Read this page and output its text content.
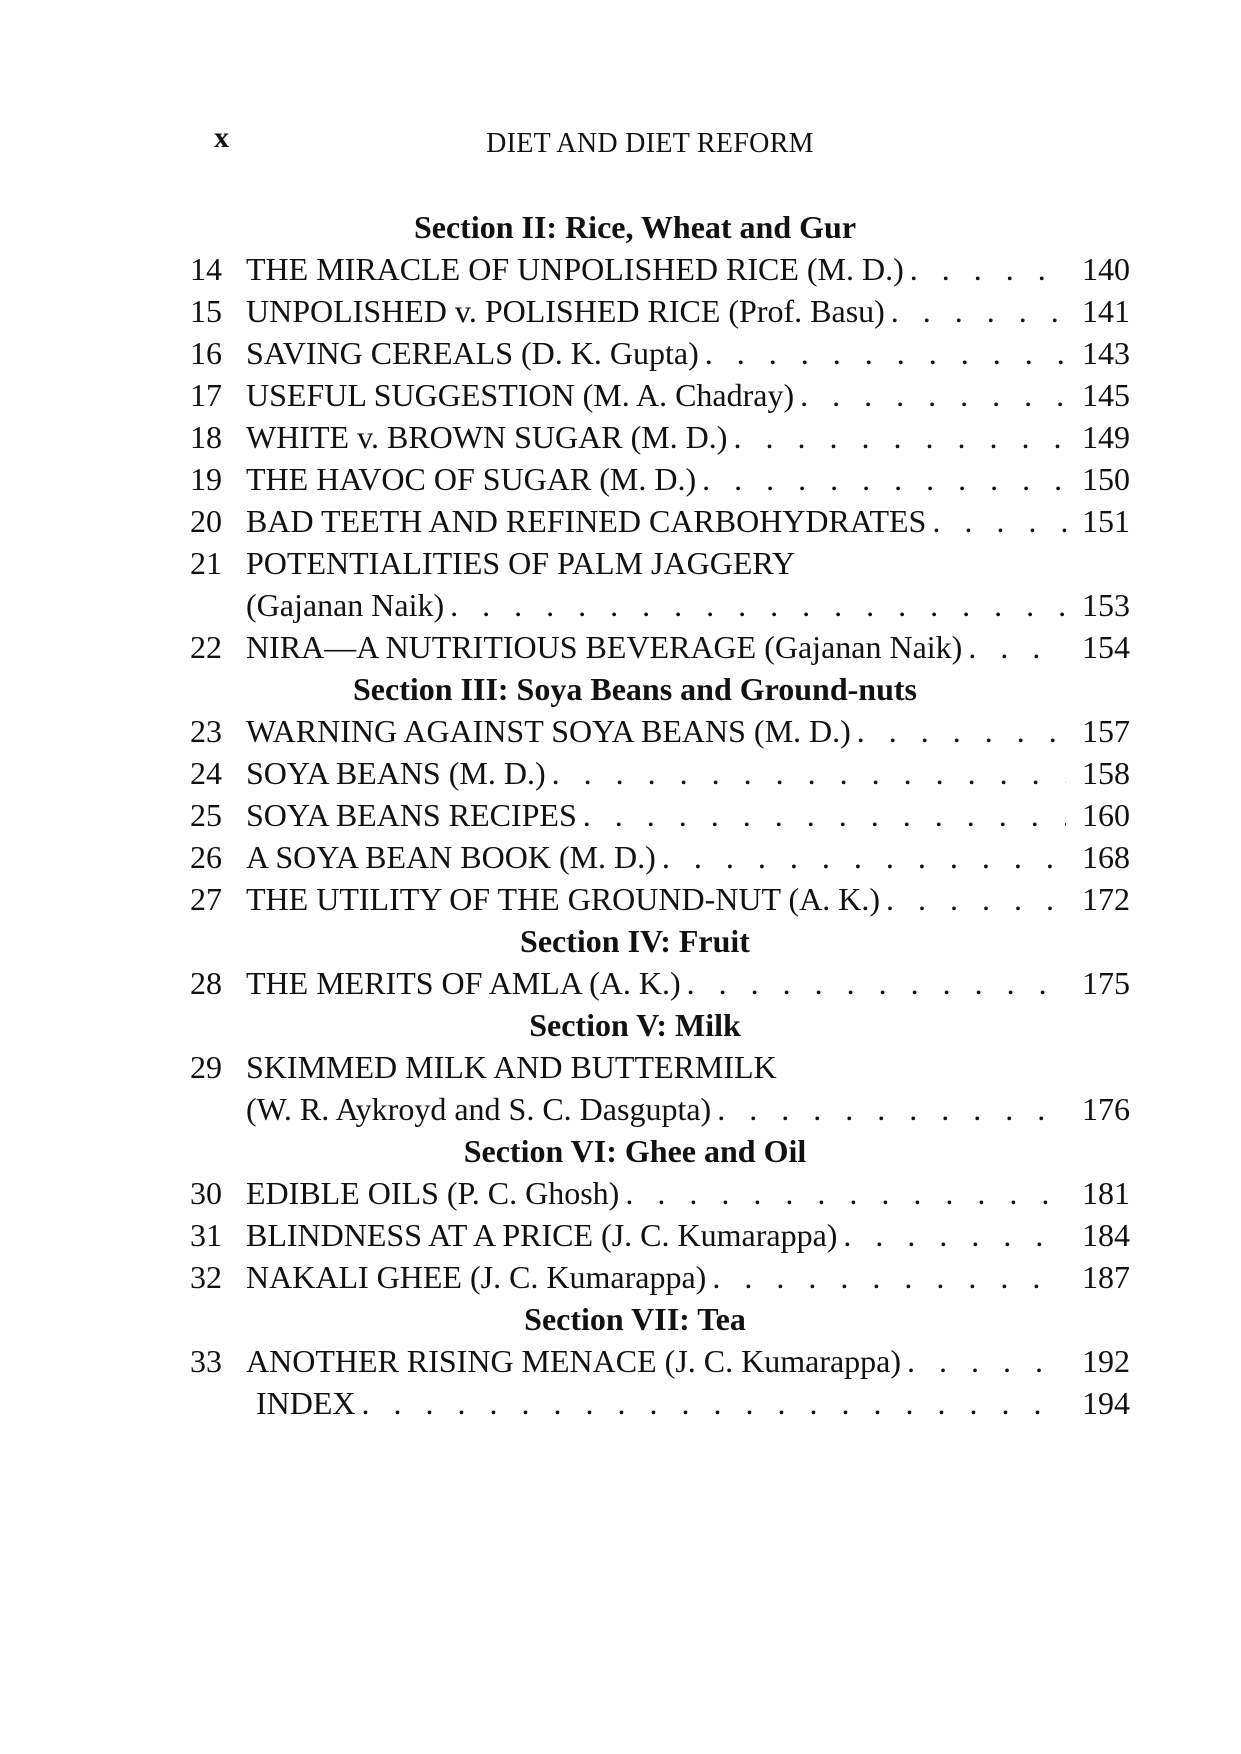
x	DIET AND DIET REFORM
Section II: Rice, Wheat and Gur
14 THE MIRACLE OF UNPOLISHED RICE (M. D.) . . .	140
15 UNPOLISHED v. POLISHED RICE (Prof. Basu) . . .	141
16 SAVING CEREALS (D. K. Gupta) . . .	143
17 USEFUL SUGGESTION (M. A. Chadray) . . .	145
18 WHITE v. BROWN SUGAR (M. D.) . . .	149
19 THE HAVOC OF SUGAR (M. D.) . . .	150
20 BAD TEETH AND REFINED CARBOHYDRATES . . .	151
21 POTENTIALITIES OF PALM JAGGERY
(Gajanan Naik) . . .	153
22 NIRA—A NUTRITIOUS BEVERAGE (Gajanan Naik) . . .	154
Section III: Soya Beans and Ground-nuts
23 WARNING AGAINST SOYA BEANS (M. D.) . . .	157
24 SOYA BEANS (M. D.) . . .	158
25 SOYA BEANS RECIPES . . .	160
26 A SOYA BEAN BOOK (M. D.) . . .	168
27 THE UTILITY OF THE GROUND-NUT (A. K.) . . .	172
Section IV: Fruit
28 THE MERITS OF AMLA (A. K.) . . .	175
Section V: Milk
29 SKIMMED MILK AND BUTTERMILK
(W. R. Aykroyd and S. C. Dasgupta) . . .	176
Section VI: Ghee and Oil
30 EDIBLE OILS (P. C. Ghosh) . . .	181
31 BLINDNESS AT A PRICE (J. C. Kumarappa) . . .	184
32 NAKALI GHEE (J. C. Kumarappa) . . .	187
Section VII: Tea
33 ANOTHER RISING MENACE (J. C. Kumarappa) . . .	192
INDEX . . .	194
